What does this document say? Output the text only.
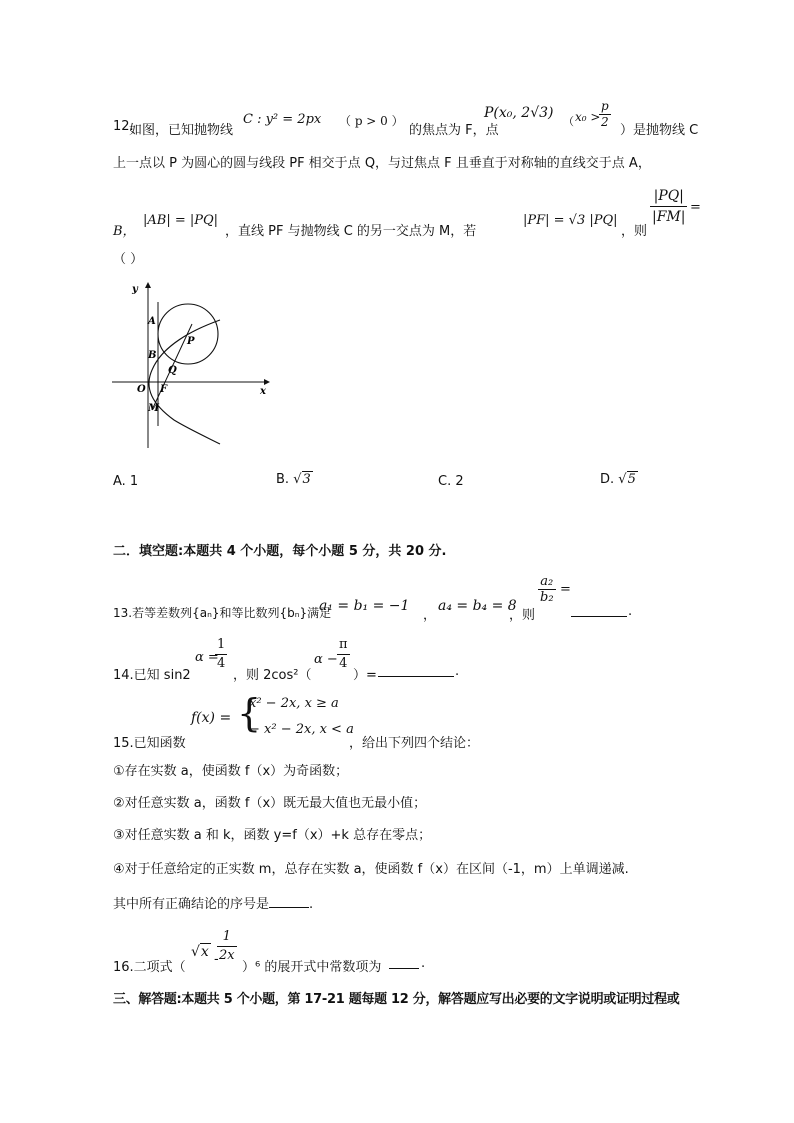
12.
如图，已知抛物线
C : y² = 2px （ p > 0 ）
的焦点为 F，点
P(x₀, 2√3)
（ x₀ >
$\frac{p}{2}$
）是抛物线 C
上一点以 P 为圆心的圆与线段 PF 相交于点 Q，与过焦点 F 且垂直于对称轴的直线交于点 A，
B，
|AB| = |PQ|
，直线 PF 与抛物线 C 的另一交点为 M，若
|PF| = √3 |PQ|
，则
$\frac{|PQ|}{|FM|}$ =
（ ）
y
x
A
B
P
Q
O F
M
A. 1	B. √3	C. 2	D. √5
二．填空题:本题共 4 个小题，每个小题 5 分，共 20 分.
13.若等差数列{aₙ}和等比数列{bₙ}满足
a₁ = b₁ = −1
，
a₄ = b₄ = 8
，则
$\frac{\text{a₂}}{\text{b₂}}$ =
.
14.已知 sin2
α =
$\frac{1}{4}$
，则 2cos²（
$\alpha - \frac{\pi}{4}$
）=	.
15.已知函数
f(x) = {
x² − 2x, x ≥ a
− x² − 2x, x < a
，给出下列四个结论：
①存在实数 a，使函数 f（x）为奇函数；
②对任意实数 a，函数 f（x）既无最大值也无最小值；
③对任意实数 a 和 k，函数 y=f（x）+k 总存在零点；
④对于任意给定的正实数 m，总存在实数 a，使函数 f（x）在区间（-1，m）上单调递减.
其中所有正确结论的序号是	.
16.二项式（
√x -
$\frac{1}{2x}$
）⁶ 的展开式中常数项为	.
三、解答题:本题共 5 个小题，第 17-21 题每题 12 分，解答题应写出必要的文字说明或证明过程或
